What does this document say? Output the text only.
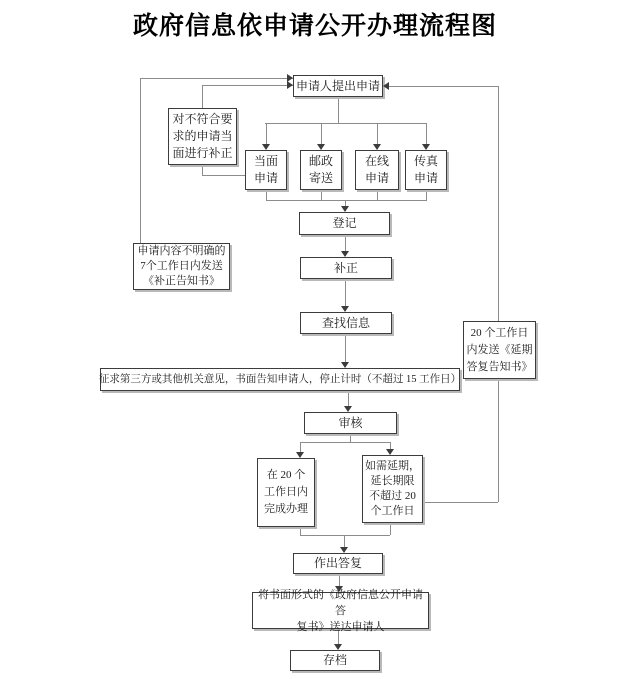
政府信息依申请公开办理流程图
申请人提出申请
对不符合要
求的申请当
面进行补正
当面
申请
邮政
寄送
在线
申请
传真
申请
登记
申请内容不明确的
7个工作日内发送
《补正告知书》
补正
查找信息
征求第三方或其他机关意见，书面告知申请人，停止计时（不超过 15 工作日）
审核
在 20 个
工作日内
完成办理
如需延期，
延长期限
不超过 20
个工作日
20 个工作日
内发送《延期
答复告知书》
作出答复
将书面形式的《政府信息公开申请答
复书》送达申请人
存档
